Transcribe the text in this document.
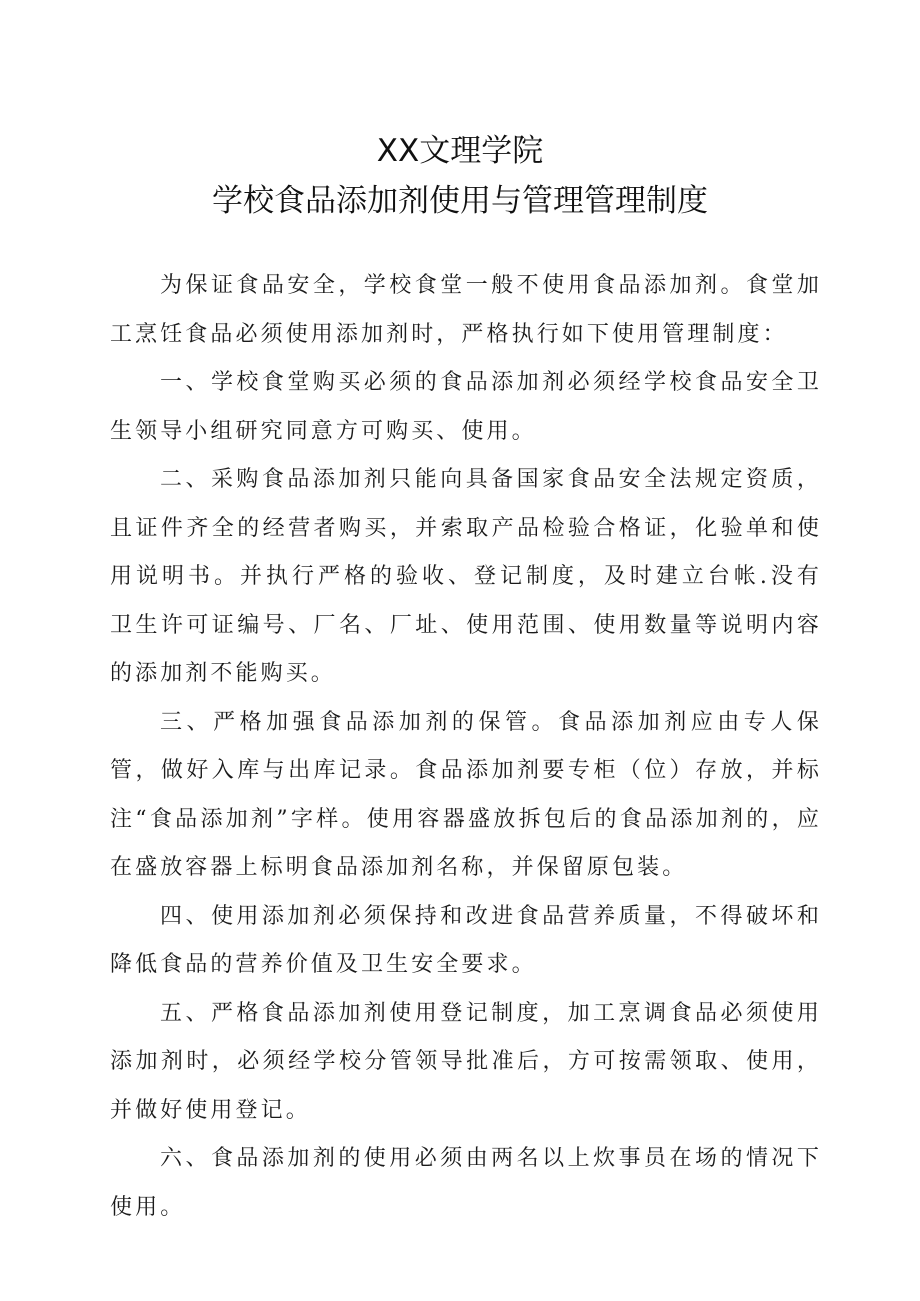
XX文理学院
学校食品添加剂使用与管理管理制度

为保证食品安全，学校食堂一般不使用食品添加剂。食堂加工烹饪食品必须使用添加剂时，严格执行如下使用管理制度：

一、学校食堂购买必须的食品添加剂必须经学校食品安全卫生领导小组研究同意方可购买、使用。

二、采购食品添加剂只能向具备国家食品安全法规定资质，且证件齐全的经营者购买，并索取产品检验合格证，化验单和使用说明书。并执行严格的验收、登记制度，及时建立台帐.没有卫生许可证编号、厂名、厂址、使用范围、使用数量等说明内容的添加剂不能购买。

三、严格加强食品添加剂的保管。食品添加剂应由专人保管，做好入库与出库记录。食品添加剂要专柜（位）存放，并标注“食品添加剂”字样。使用容器盛放拆包后的食品添加剂的，应在盛放容器上标明食品添加剂名称，并保留原包装。

四、使用添加剂必须保持和改进食品营养质量，不得破坏和降低食品的营养价值及卫生安全要求。

五、严格食品添加剂使用登记制度，加工烹调食品必须使用添加剂时，必须经学校分管领导批准后，方可按需领取、使用，并做好使用登记。

六、食品添加剂的使用必须由两名以上炊事员在场的情况下使用。
